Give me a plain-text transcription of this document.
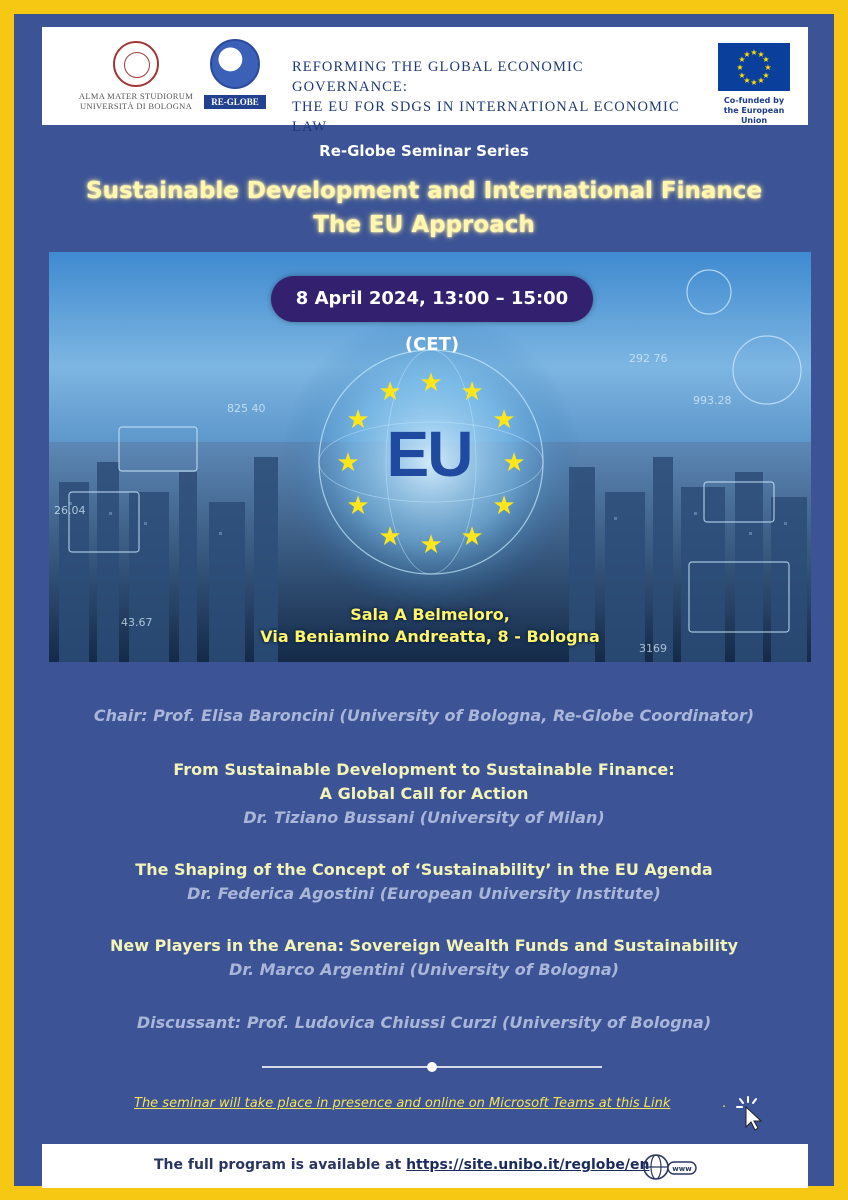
ALMA MATER STUDIORUM
UNIVERSITÀ DI BOLOGNA	RE-GLOBE
REFORMING THE GLOBAL ECONOMIC GOVERNANCE:
THE EU FOR SDGS IN INTERNATIONAL ECONOMIC LAW
★ ★
★
★
★
★
★
★
★
★
★
★
Co-funded by
the European Union
Re-Globe Seminar Series
Sustainable Development and International Finance
The EU Approach
993.28
292 76
825 40
26.04
43.67
3169
★ ★
★
★
★
★
★
★
★
★
★
★
8 April 2024, 13:00 – 15:00 (CET)
EU
Sala A Belmeloro,
Via Beniamino Andreatta, 8 - Bologna
Chair: Prof. Elisa Baroncini (University of Bologna, Re-Globe Coordinator)
From Sustainable Development to Sustainable Finance:
A Global Call for Action
Dr. Tiziano Bussani (University of Milan)
The Shaping of the Concept of ‘Sustainability’ in the EU Agenda
Dr. Federica Agostini (European University Institute)
New Players in the Arena: Sovereign Wealth Funds and Sustainability
Dr. Marco Argentini (University of Bologna)
Discussant: Prof. Ludovica Chiussi Curzi (University of Bologna)
The seminar will take place in presence and online on Microsoft Teams at this Link	.
The full program is available at https://site.unibo.it/reglobe/en	www
